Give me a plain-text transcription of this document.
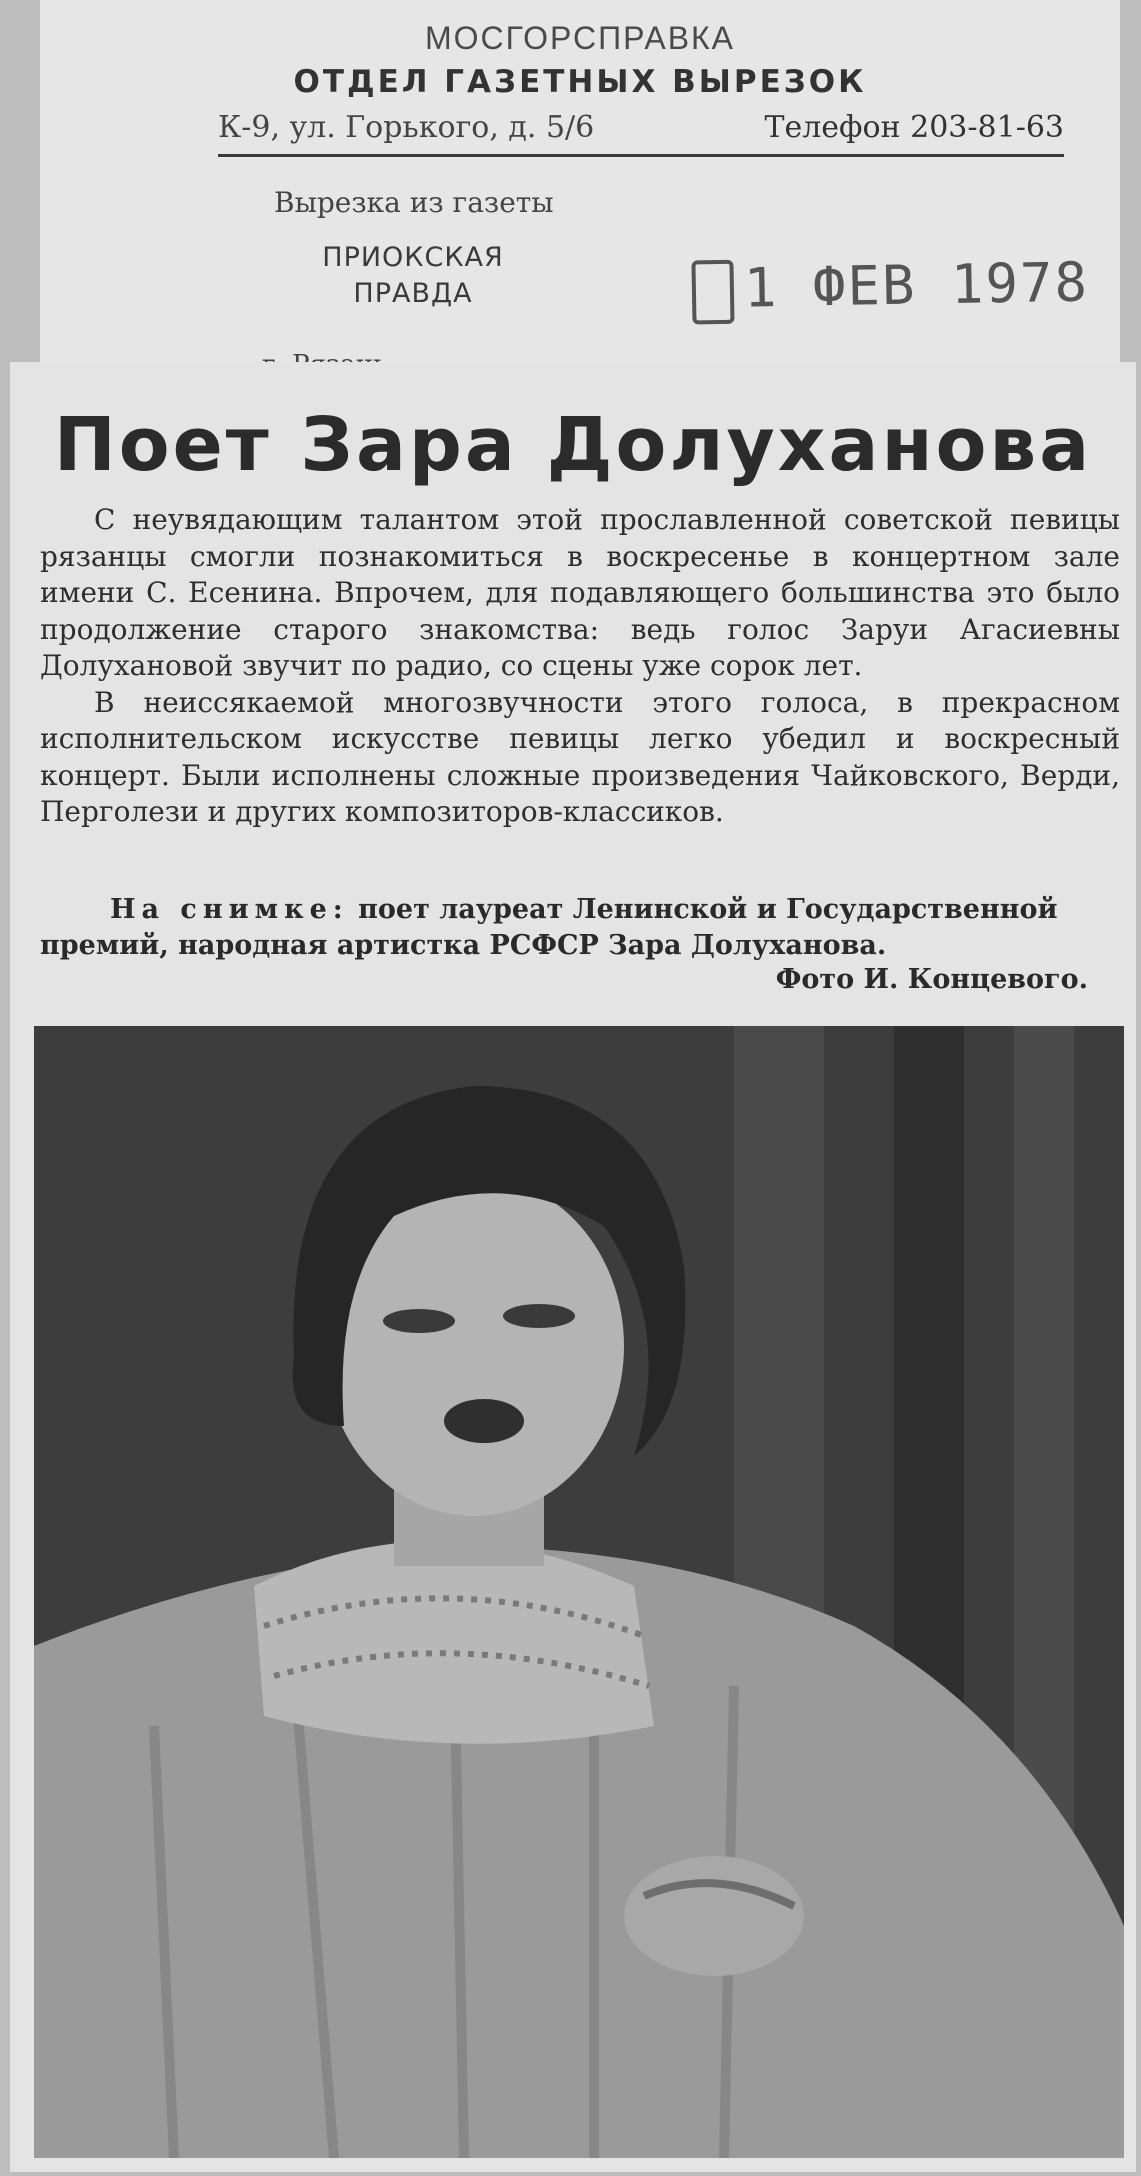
МОСГОРСПРАВКА
ОТДЕЛ ГАЗЕТНЫХ ВЫРЕЗОК
К-9, ул. Горького, д. 5/6	Телефон 203-81-63
Вырезка из газеты
ПРИОКСКАЯ ПРАВДА	1 ФЕВ 1978
Поет Зара Долуханова

С неувядающим талантом этой прославленной советской певицы рязанцы смогли познакомиться в воскресенье в концертном зале имени С. Есенина. Впрочем, для подавляющего большинства это было продолжение старого знакомства: ведь голос Заруи Агасиевны Долухановой звучит по радио, со сцены уже сорок лет.

В неиссякаемой многозвучности этого голоса, в прекрасном исполнительском искусстве певицы легко убедил и воскресный концерт. Были исполнены сложные произведения Чайковского, Верди, Перголези и других композиторов-классиков.

На снимке: поет лауреат Ленинской и Государственной премий, народная артистка РСФСР Зара Долуханова.
Фото И. Концевого.
